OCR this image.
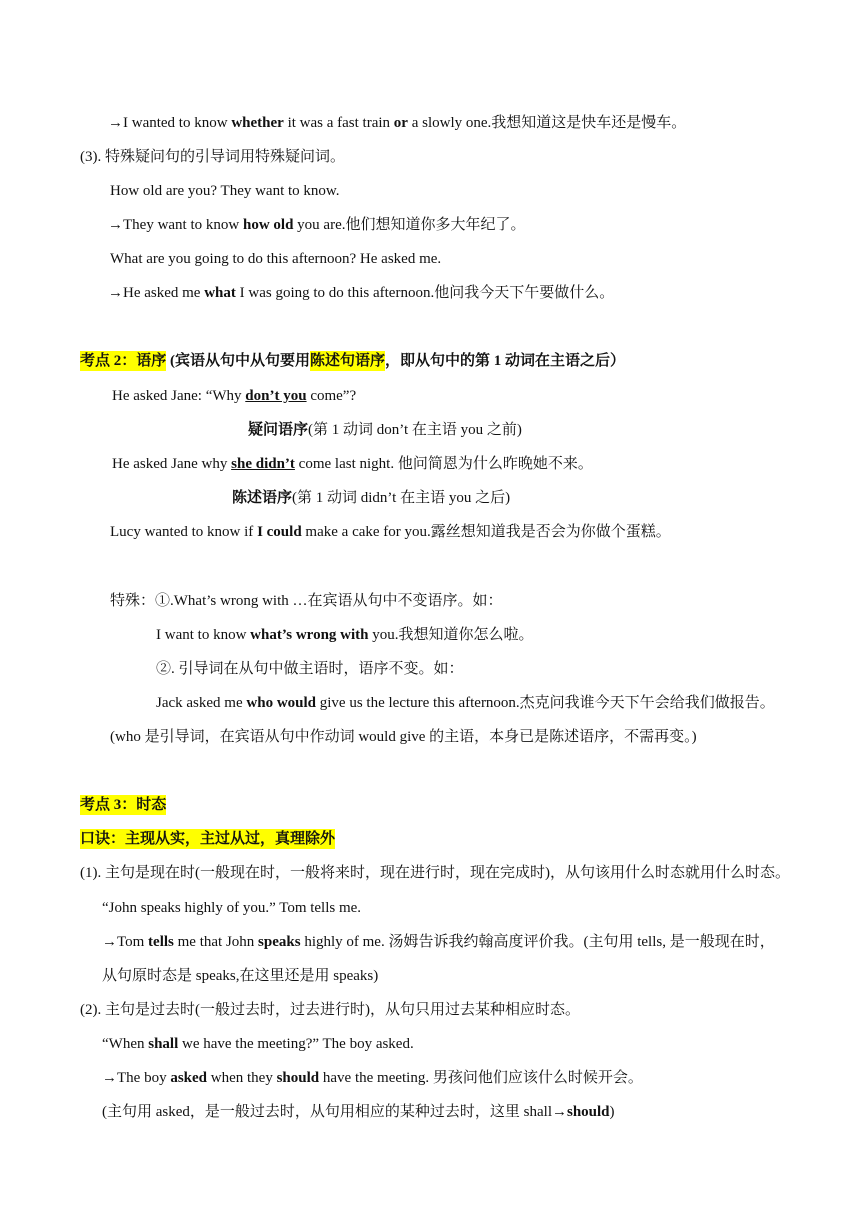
→I wanted to know whether it was a fast train or a slowly one.我想知道这是快车还是慢车。
(3). 特殊疑问句的引导词用特殊疑问词。
How old are you? They want to know.
→They want to know how old you are.他们想知道你多大年纪了。
What are you going to do this afternoon? He asked me.
→He asked me what I was going to do this afternoon.他问我今天下午要做什么。
考点 2：语序 (宾语从句中从句要用陈述句语序，即从句中的第 1 动词在主语之后）
He asked Jane: “Why don’t you come”?
疑问语序(第 1 动词 don’t 在主语 you 之前)
He asked Jane why she didn’t come last night. 他问简恩为什么昨晚她不来。
陈述语序(第 1 动词 didn’t 在主语 you 之后)
Lucy wanted to know if I could make a cake for you.露丝想知道我是否会为你做个蛋糕。
特殊：①.What’s wrong with …在宾语从句中不变语序。如：
I want to know what’s wrong with you.我想知道你怎么啦。
②. 引导词在从句中做主语时，语序不变。如：
Jack asked me who would give us the lecture this afternoon.杰克问我谁今天下午会给我们做报告。
(who 是引导词，在宾语从句中作动词 would give 的主语，本身已是陈述语序，不需再变。)
考点 3：时态
口诀：主现从实，主过从过，真理除外
(1). 主句是现在时(一般现在时，一般将来时，现在进行时，现在完成时)，从句该用什么时态就用什么时态。
“John speaks highly of you.” Tom tells me.
→Tom tells me that John speaks highly of me. 汤姆告诉我约翰高度评价我。(主句用 tells, 是一般现在时，
从句原时态是 speaks,在这里还是用 speaks)
(2). 主句是过去时(一般过去时，过去进行时)，从句只用过去某种相应时态。
“When shall we have the meeting?” The boy asked.
→The boy asked when they should have the meeting. 男孩问他们应该什么时候开会。
(主句用 asked，是一般过去时，从句用相应的某种过去时，这里 shall→should)
